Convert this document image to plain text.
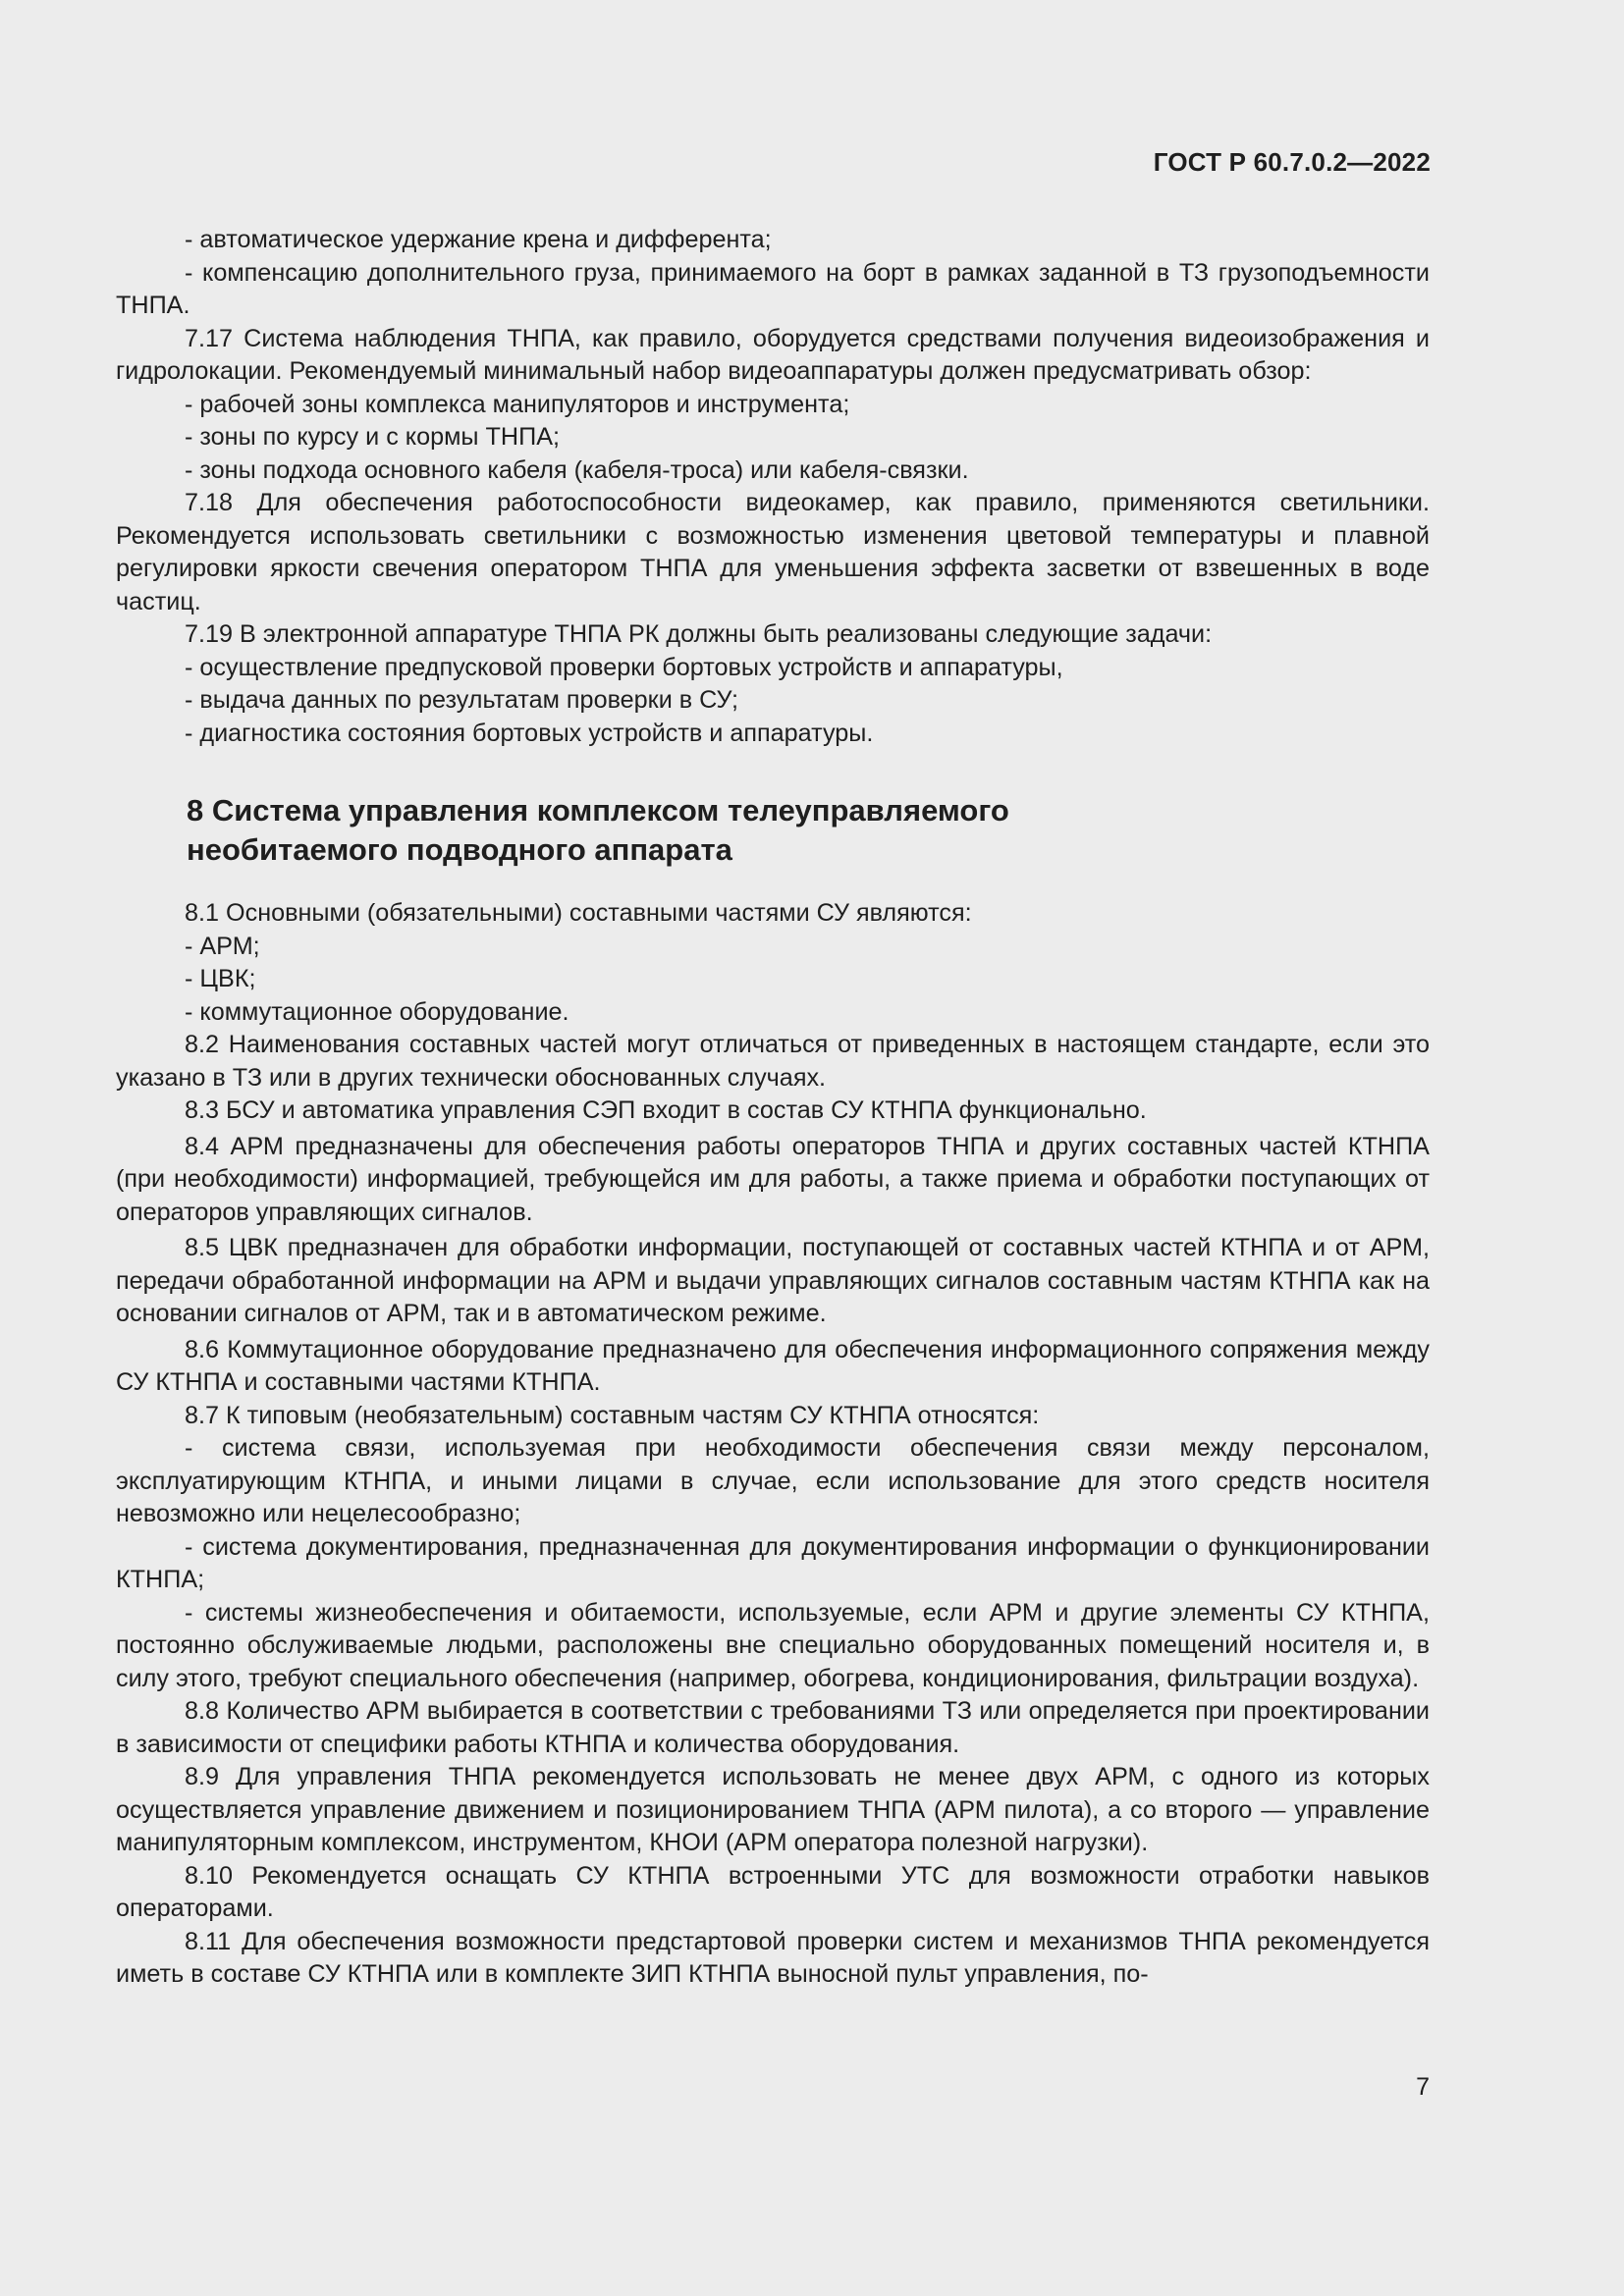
ГОСТ Р 60.7.0.2—2022

- автоматическое удержание крена и дифферента;

- компенсацию дополнительного груза, принимаемого на борт в рамках заданной в ТЗ грузоподъемности ТНПА.

7.17 Система наблюдения ТНПА, как правило, оборудуется средствами получения видеоизображения и гидролокации. Рекомендуемый минимальный набор видеоаппаратуры должен предусматривать обзор:

- рабочей зоны комплекса манипуляторов и инструмента;

- зоны по курсу и с кормы ТНПА;

- зоны подхода основного кабеля (кабеля-троса) или кабеля-связки.

7.18 Для обеспечения работоспособности видеокамер, как правило, применяются светильники. Рекомендуется использовать светильники с возможностью изменения цветовой температуры и плавной регулировки яркости свечения оператором ТНПА для уменьшения эффекта засветки от взвешенных в воде частиц.

7.19 В электронной аппаратуре ТНПА РК должны быть реализованы следующие задачи:

- осуществление предпусковой проверки бортовых устройств и аппаратуры,

- выдача данных по результатам проверки в СУ;

- диагностика состояния бортовых устройств и аппаратуры.

8 Система управления комплексом телеуправляемого
необитаемого подводного аппарата

8.1 Основными (обязательными) составными частями СУ являются:

- АРМ;

- ЦВК;

- коммутационное оборудование.

8.2 Наименования составных частей могут отличаться от приведенных в настоящем стандарте, если это указано в ТЗ или в других технически обоснованных случаях.

8.3 БСУ и автоматика управления СЭП входит в состав СУ КТНПА функционально.

8.4 АРМ предназначены для обеспечения работы операторов ТНПА и других составных частей КТНПА (при необходимости) информацией, требующейся им для работы, а также приема и обработки поступающих от операторов управляющих сигналов.

8.5 ЦВК предназначен для обработки информации, поступающей от составных частей КТНПА и от АРМ, передачи обработанной информации на АРМ и выдачи управляющих сигналов составным частям КТНПА как на основании сигналов от АРМ, так и в автоматическом режиме.

8.6 Коммутационное оборудование предназначено для обеспечения информационного сопряжения между СУ КТНПА и составными частями КТНПА.

8.7 К типовым (необязательным) составным частям СУ КТНПА относятся:

- система связи, используемая при необходимости обеспечения связи между персоналом, эксплуатирующим КТНПА, и иными лицами в случае, если использование для этого средств носителя невозможно или нецелесообразно;

- система документирования, предназначенная для документирования информации о функционировании КТНПА;

- системы жизнеобеспечения и обитаемости, используемые, если АРМ и другие элементы СУ КТНПА, постоянно обслуживаемые людьми, расположены вне специально оборудованных помещений носителя и, в силу этого, требуют специального обеспечения (например, обогрева, кондиционирования, фильтрации воздуха).

8.8 Количество АРМ выбирается в соответствии с требованиями ТЗ или определяется при проектировании в зависимости от специфики работы КТНПА и количества оборудования.

8.9 Для управления ТНПА рекомендуется использовать не менее двух АРМ, с одного из которых осуществляется управление движением и позиционированием ТНПА (АРМ пилота), а со второго — управление манипуляторным комплексом, инструментом, КНОИ (АРМ оператора полезной нагрузки).

8.10 Рекомендуется оснащать СУ КТНПА встроенными УТС для возможности отработки навыков операторами.

8.11 Для обеспечения возможности предстартовой проверки систем и механизмов ТНПА рекомендуется иметь в составе СУ КТНПА или в комплекте ЗИП КТНПА выносной пульт управления, по-

7
